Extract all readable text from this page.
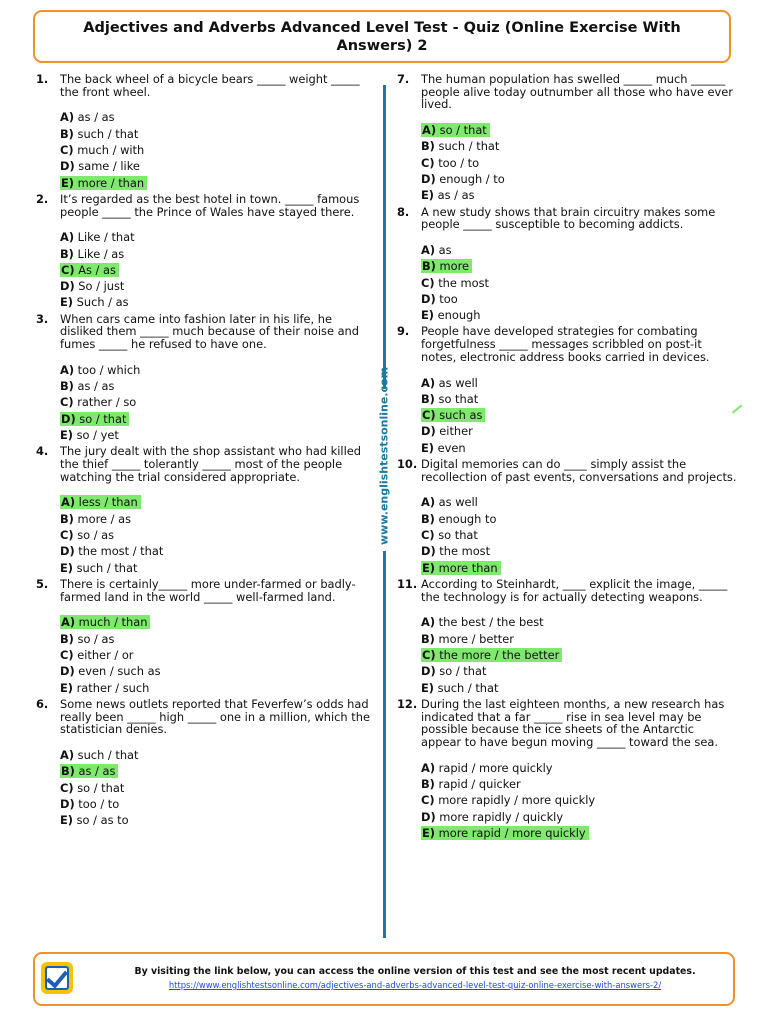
Adjectives and Adverbs Advanced Level Test - Quiz (Online Exercise With Answers) 2
1.	The back wheel of a bicycle bears _____ weight _____ the front wheel.
A) as / as
B) such / that
C) much / with
D) same / like
E) more / than
2.	It’s regarded as the best hotel in town. _____ famous people _____ the Prince of Wales have stayed there.
A) Like / that
B) Like / as
C) As / as
D) So / just
E) Such / as
3.	When cars came into fashion later in his life, he disliked them _____ much because of their noise and fumes _____ he refused to have one.
A) too / which
B) as / as
C) rather / so
D) so / that
E) so / yet
4.	The jury dealt with the shop assistant who had killed the thief _____ tolerantly _____ most of the people watching the trial considered appropriate.
A) less / than
B) more / as
C) so / as
D) the most / that
E) such / that
5.	There is certainly_____ more under-farmed or badly-farmed land in the world _____ well-farmed land.
A) much / than
B) so / as
C) either / or
D) even / such as
E) rather / such
6.	Some news outlets reported that Feverfew’s odds had really been _____ high _____ one in a million, which the statistician denies.
A) such / that
B) as / as
C) so / that
D) too / to
E) so / as to
www.englishtestsonline.com
7.	The human population has swelled _____ much ______ people alive today outnumber all those who have ever lived.
A) so / that
B) such / that
C) too / to
D) enough / to
E) as / as
8.	A new study shows that brain circuitry makes some people _____ susceptible to becoming addicts.
A) as
B) more
C) the most
D) too
E) enough
9.	People have developed strategies for combating forgetfulness _____ messages scribbled on post-it notes, electronic address books carried in devices.
A) as well
B) so that
C) such as
D) either
E) even
10. Digital memories can do ____ simply assist the recollection of past events, conversations and projects.
A) as well
B) enough to
C) so that
D) the most
E) more than
11. According to Steinhardt, ____ explicit the image, _____ the technology is for actually detecting weapons.
A) the best / the best
B) more / better
C) the more / the better
D) so / that
E) such / that
12. During the last eighteen months, a new research has indicated that a far _____ rise in sea level may be possible because the ice sheets of the Antarctic appear to have begun moving _____ toward the sea.
A) rapid / more quickly
B) rapid / quicker
C) more rapidly / more quickly
D) more rapidly / quickly
E) more rapid / more quickly
By visiting the link below, you can access the online version of this test and see the most recent updates.
https://www.englishtestsonline.com/adjectives-and-adverbs-advanced-level-test-quiz-online-exercise-with-answers-2/
